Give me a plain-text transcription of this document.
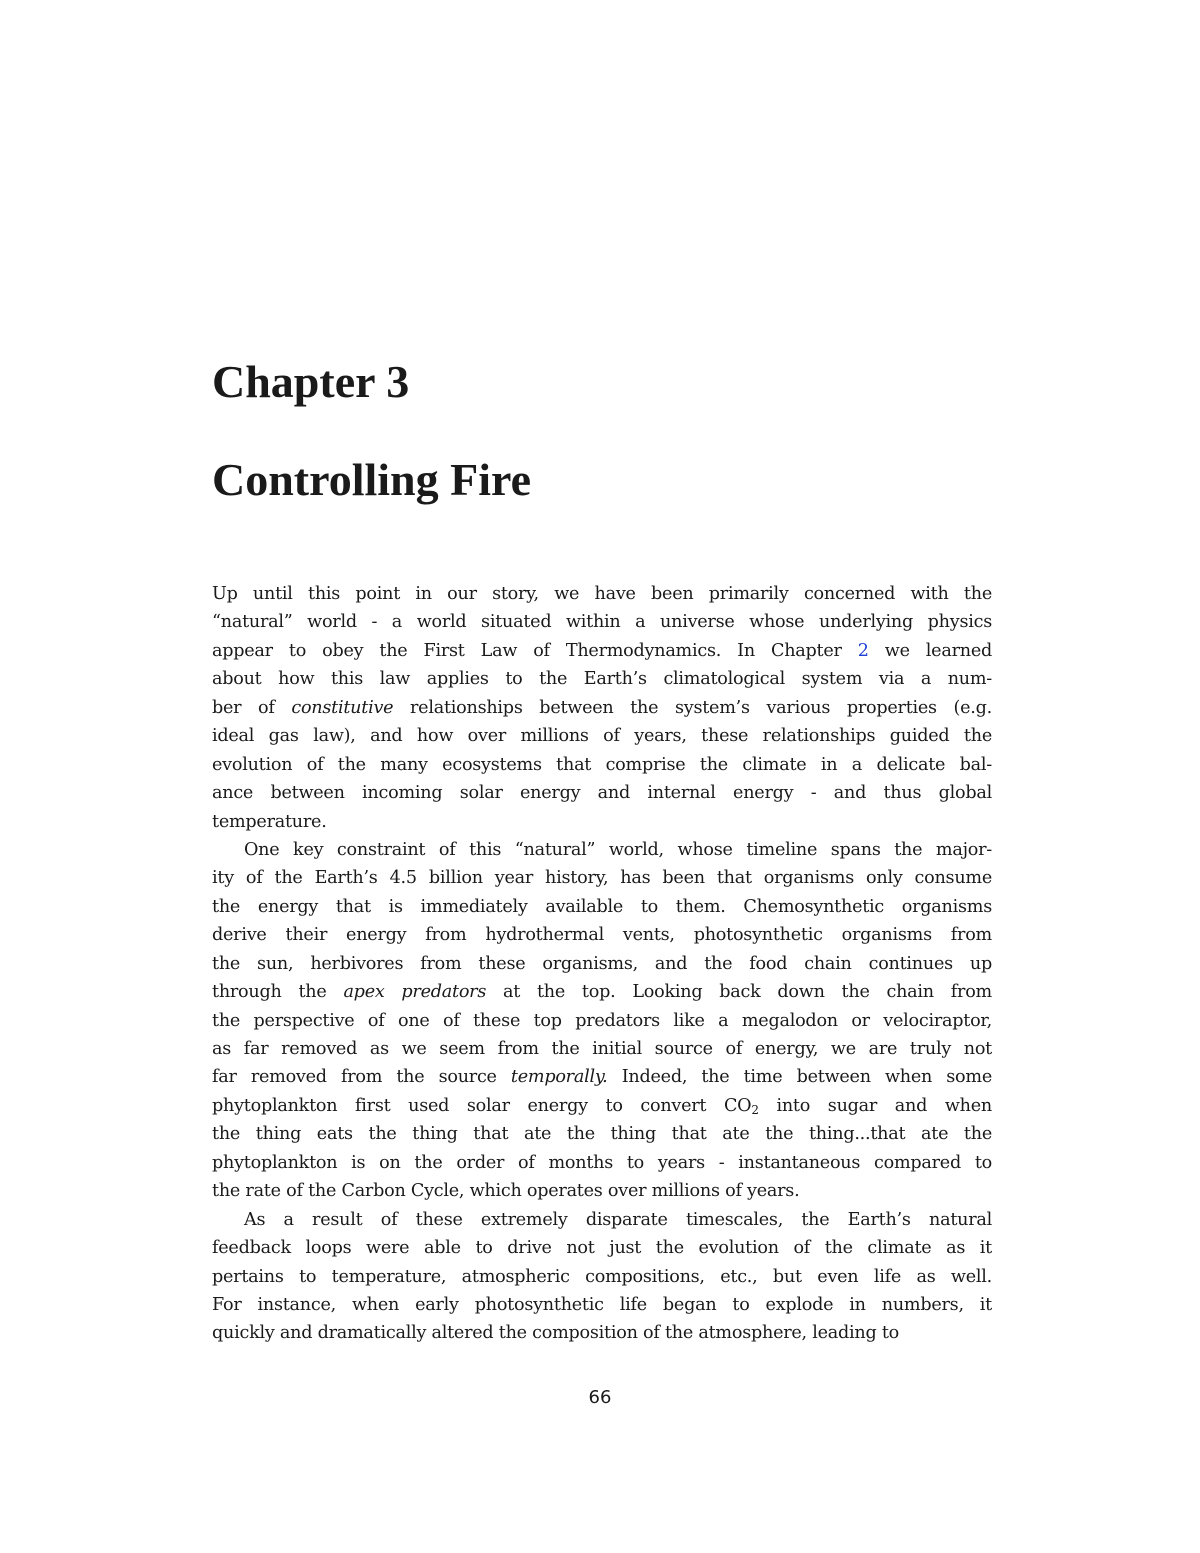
Chapter 3
Controlling Fire
Up until this point in our story, we have been primarily concerned with the
“natural” world - a world situated within a universe whose underlying physics
appear to obey the First Law of Thermodynamics. In Chapter 2 we learned
about how this law applies to the Earth’s climatological system via a num-
ber of constitutive relationships between the system’s various properties (e.g.
ideal gas law), and how over millions of years, these relationships guided the
evolution of the many ecosystems that comprise the climate in a delicate bal-
ance between incoming solar energy and internal energy - and thus global
temperature.
One key constraint of this “natural” world, whose timeline spans the major-
ity of the Earth’s 4.5 billion year history, has been that organisms only consume
the energy that is immediately available to them. Chemosynthetic organisms
derive their energy from hydrothermal vents, photosynthetic organisms from
the sun, herbivores from these organisms, and the food chain continues up
through the apex predators at the top. Looking back down the chain from
the perspective of one of these top predators like a megalodon or velociraptor,
as far removed as we seem from the initial source of energy, we are truly not
far removed from the source temporally. Indeed, the time between when some
phytoplankton first used solar energy to convert $CO_2$ into sugar and when
the thing eats the thing that ate the thing that ate the thing...that ate the
phytoplankton is on the order of months to years - instantaneous compared to
the rate of the Carbon Cycle, which operates over millions of years.
As a result of these extremely disparate timescales, the Earth’s natural
feedback loops were able to drive not just the evolution of the climate as it
pertains to temperature, atmospheric compositions, etc., but even life as well.
For instance, when early photosynthetic life began to explode in numbers, it
quickly and dramatically altered the composition of the atmosphere, leading to
66
